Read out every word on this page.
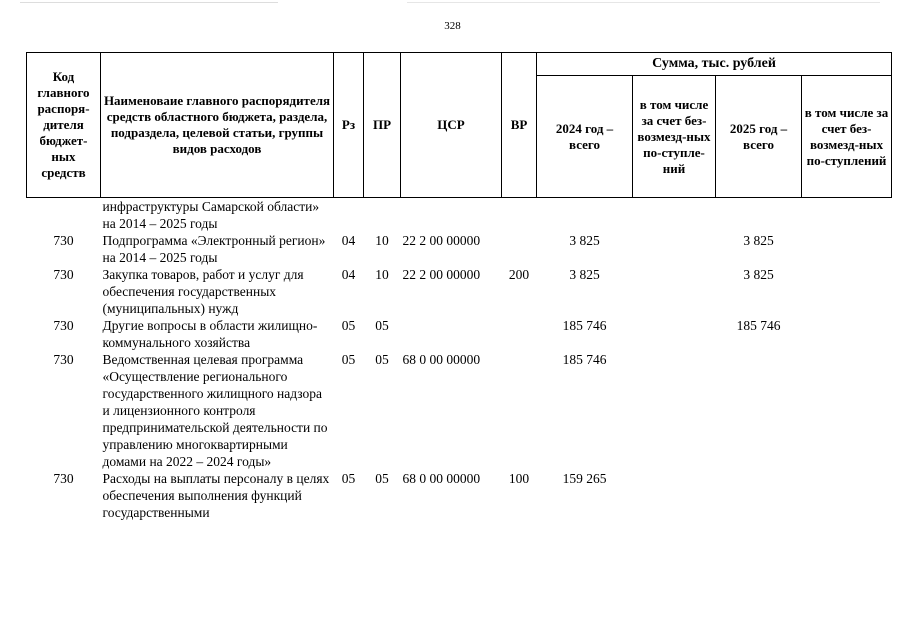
328
Код главного распоря-дителя бюджет-ных средств	Наименоваие главного распорядителя средств областного бюджета, раздела, подраздела, целевой статьи, группы видов расходов	Рз	ПР	ЦСР	ВР	Сумма, тыс. рублей			
						2024 год – всего	в том числе за счет без-возмезд-ных по-ступле-ний	2025 год – всего	в том числе за счет без-возмезд-ных по-ступлений
	инфраструктуры Самарской области» на 2014 – 2025 годы								
730	Подпрограмма «Электронный регион» на 2014 – 2025 годы	04	10	22 2 00 00000		3 825		3 825	
730	Закупка товаров, работ и услуг для обеспечения государственных (муниципальных) нужд	04	10	22 2 00 00000	200	3 825		3 825	
730	Другие вопросы в области жилищно-коммунального хозяйства	05	05			185 746		185 746	
730	Ведомственная целевая программа «Осуществление регионального государственного жилищного надзора и лицензионного контроля предпринимательской деятельности по управлению многоквартирными домами на 2022 – 2024 годы»	05	05	68 0 00 00000		185 746			
730	Расходы на выплаты персоналу в целях обеспечения выполнения функций государственными	05	05	68 0 00 00000	100	159 265			
